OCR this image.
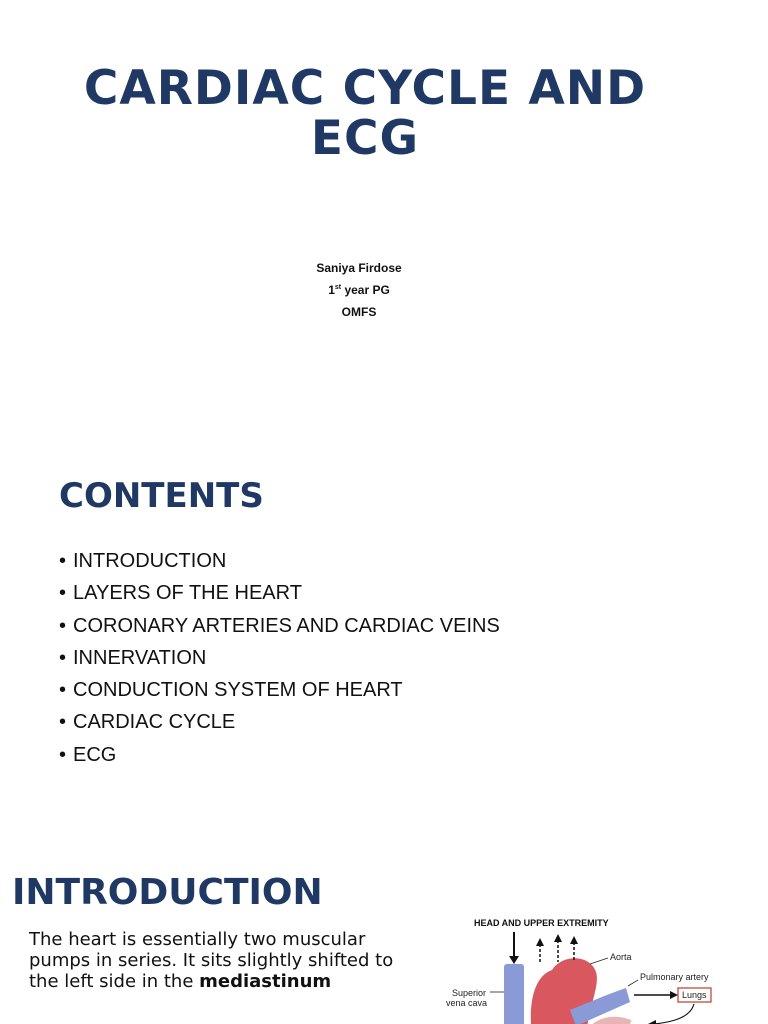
CARDIAC CYCLE AND ECG
Saniya Firdose
1st year PG
OMFS
CONTENTS
• INTRODUCTION
• LAYERS OF THE HEART
• CORONARY ARTERIES AND CARDIAC VEINS
• INNERVATION
• CONDUCTION SYSTEM OF HEART
• CARDIAC CYCLE
• ECG
INTRODUCTION
The heart is essentially two muscular pumps in series. It sits slightly shifted to the left side in the mediastinum
HEAD AND UPPER EXTREMITY
Aorta
Pulmonary artery
Superior
vena cava
Lungs
